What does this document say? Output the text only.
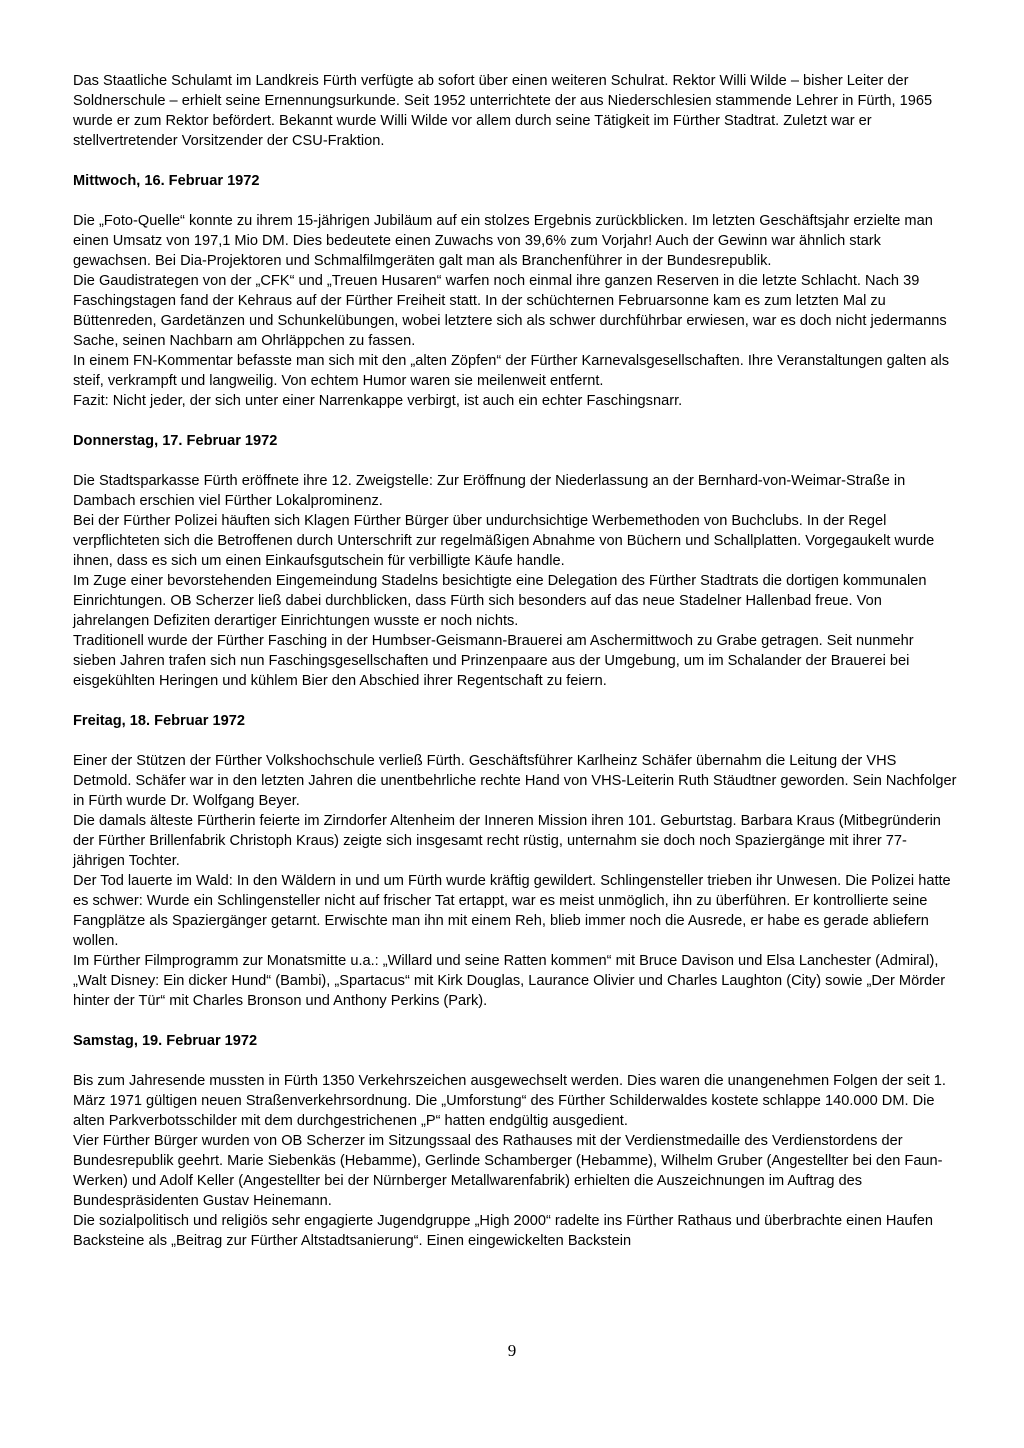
Das Staatliche Schulamt im Landkreis Fürth verfügte ab sofort über einen weiteren Schulrat. Rektor Willi Wilde – bisher Leiter der Soldnerschule – erhielt seine Ernennungsurkunde. Seit 1952 unterrichtete der aus Niederschlesien stammende Lehrer in Fürth, 1965 wurde er zum Rektor befördert. Bekannt wurde Willi Wilde vor allem durch seine Tätigkeit im Fürther Stadtrat. Zuletzt war er stellvertretender Vorsitzender der CSU-Fraktion.
Mittwoch, 16. Februar 1972
Die „Foto-Quelle“ konnte zu ihrem 15-jährigen Jubiläum auf ein stolzes Ergebnis zurückblicken. Im letzten Geschäftsjahr erzielte man einen Umsatz von 197,1 Mio DM. Dies bedeutete einen Zuwachs von 39,6% zum Vorjahr! Auch der Gewinn war ähnlich stark gewachsen. Bei Dia-Projektoren und Schmalfilmgeräten galt man als Branchenführer in der Bundesrepublik.
Die Gaudistrategen von der „CFK“ und „Treuen Husaren“ warfen noch einmal ihre ganzen Reserven in die letzte Schlacht. Nach 39 Faschingstagen fand der Kehraus auf der Fürther Freiheit statt. In der schüchternen Februarsonne kam es zum letzten Mal zu Büttenreden, Gardetänzen und Schunkelübungen, wobei letztere sich als schwer durchführbar erwiesen, war es doch nicht jedermanns Sache, seinen Nachbarn am Ohrläppchen zu fassen.
In einem FN-Kommentar befasste man sich mit den „alten Zöpfen“ der Fürther Karnevalsgesellschaften. Ihre Veranstaltungen galten als steif, verkrampft und langweilig. Von echtem Humor waren sie meilenweit entfernt.
Fazit: Nicht jeder, der sich unter einer Narrenkappe verbirgt, ist auch ein echter Faschingsnarr.
Donnerstag, 17. Februar 1972
Die Stadtsparkasse Fürth eröffnete ihre 12. Zweigstelle: Zur Eröffnung der Niederlassung an der Bernhard-von-Weimar-Straße in Dambach erschien viel Fürther Lokalprominenz.
Bei der Fürther Polizei häuften sich Klagen Fürther Bürger über undurchsichtige Werbemethoden von Buchclubs. In der Regel verpflichteten sich die Betroffenen durch Unterschrift zur regelmäßigen Abnahme von Büchern und Schallplatten. Vorgegaukelt wurde ihnen, dass es sich um einen Einkaufsgutschein für verbilligte Käufe handle.
Im Zuge einer bevorstehenden Eingemeindung Stadelns besichtigte eine Delegation des Fürther Stadtrats die dortigen kommunalen Einrichtungen. OB Scherzer ließ dabei durchblicken, dass Fürth sich besonders auf das neue Stadelner Hallenbad freue. Von jahrelangen Defiziten derartiger Einrichtungen wusste er noch nichts.
Traditionell wurde der Fürther Fasching in der Humbser-Geismann-Brauerei am Aschermittwoch zu Grabe getragen. Seit nunmehr sieben Jahren trafen sich nun Faschingsgesellschaften und Prinzenpaare aus der Umgebung, um im Schalander der Brauerei bei eisgekühlten Heringen und kühlem Bier den Abschied ihrer Regentschaft zu feiern.
Freitag, 18. Februar 1972
Einer der Stützen der Fürther Volkshochschule verließ Fürth. Geschäftsführer Karlheinz Schäfer übernahm die Leitung der VHS Detmold. Schäfer war in den letzten Jahren die unentbehrliche rechte Hand von VHS-Leiterin Ruth Stäudtner geworden. Sein Nachfolger in Fürth wurde Dr. Wolfgang Beyer.
Die damals älteste Fürtherin feierte im Zirndorfer Altenheim der Inneren Mission ihren 101. Geburtstag. Barbara Kraus (Mitbegründerin der Fürther Brillenfabrik Christoph Kraus) zeigte sich insgesamt recht rüstig, unternahm sie doch noch Spaziergänge mit ihrer 77-jährigen Tochter.
Der Tod lauerte im Wald: In den Wäldern in und um Fürth wurde kräftig gewildert. Schlingensteller trieben ihr Unwesen. Die Polizei hatte es schwer: Wurde ein Schlingensteller nicht auf frischer Tat ertappt, war es meist unmöglich, ihn zu überführen. Er kontrollierte seine Fangplätze als Spaziergänger getarnt. Erwischte man ihn mit einem Reh, blieb immer noch die Ausrede, er habe es gerade abliefern wollen.
Im Fürther Filmprogramm zur Monatsmitte u.a.: „Willard und seine Ratten kommen“ mit Bruce Davison und Elsa Lanchester (Admiral), „Walt Disney: Ein dicker Hund“ (Bambi), „Spartacus“ mit Kirk Douglas, Laurance Olivier und Charles Laughton (City) sowie „Der Mörder hinter der Tür“ mit Charles Bronson und Anthony Perkins (Park).
Samstag, 19. Februar 1972
Bis zum Jahresende mussten in Fürth 1350 Verkehrszeichen ausgewechselt werden. Dies waren die unangenehmen Folgen der seit 1. März 1971 gültigen neuen Straßenverkehrsordnung. Die „Umforstung“ des Fürther Schilderwaldes kostete schlappe 140.000 DM. Die alten Parkverbotsschilder mit dem durchgestrichenen „P“ hatten endgültig ausgedient.
Vier Fürther Bürger wurden von OB Scherzer im Sitzungssaal des Rathauses mit der Verdienstmedaille des Verdienstordens der Bundesrepublik geehrt. Marie Siebenkäs (Hebamme), Gerlinde Schamberger (Hebamme), Wilhelm Gruber (Angestellter bei den Faun-Werken) und Adolf Keller (Angestellter bei der Nürnberger Metallwarenfabrik) erhielten die Auszeichnungen im Auftrag des Bundespräsidenten Gustav Heinemann.
Die sozialpolitisch und religiös sehr engagierte Jugendgruppe „High 2000“ radelte ins Fürther Rathaus und überbrachte einen Haufen Backsteine als „Beitrag zur Fürther Altstadtsanierung“. Einen eingewickelten Backstein
9
